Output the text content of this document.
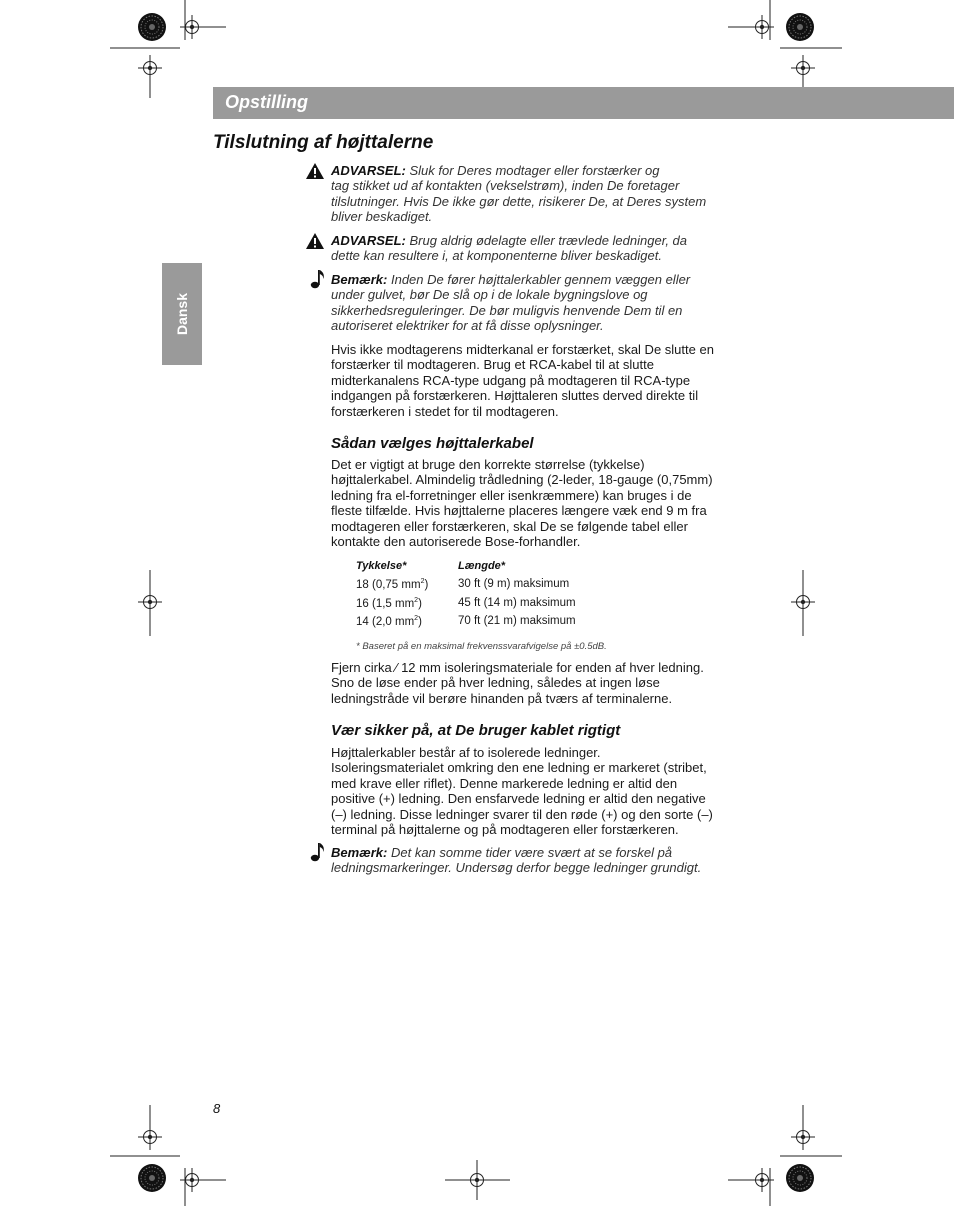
Opstilling
Dansk
Tilslutning af højttalerne
ADVARSEL: Sluk for Deres modtager eller forstærker og
tag stikket ud af kontakten (vekselstrøm), inden De foretager
tilslutninger. Hvis De ikke gør dette, risikerer De, at Deres system
bliver beskadiget.
ADVARSEL: Brug aldrig ødelagte eller trævlede ledninger, da
dette kan resultere i, at komponenterne bliver beskadiget.
Bemærk: Inden De fører højttalerkabler gennem væggen eller
under gulvet, bør De slå op i de lokale bygningslove og
sikkerhedsreguleringer. De bør muligvis henvende Dem til en
autoriseret elektriker for at få disse oplysninger.
Hvis ikke modtagerens midterkanal er forstærket, skal De slutte en
forstærker til modtageren. Brug et RCA-kabel til at slutte
midterkanalens RCA-type udgang på modtageren til RCA-type
indgangen på forstærkeren. Højttaleren sluttes derved direkte til
forstærkeren i stedet for til modtageren.
Sådan vælges højttalerkabel
Det er vigtigt at bruge den korrekte størrelse (tykkelse)
højttalerkabel. Almindelig trådledning (2-leder, 18-gauge (0,75mm)
ledning fra el-forretninger eller isenkræmmere) kan bruges i de
fleste tilfælde. Hvis højttalerne placeres længere væk end 9 m fra
modtageren eller forstærkeren, skal De se følgende tabel eller
kontakte den autoriserede Bose-forhandler.
Tykkelse*	Længde*
18 (0,75 $mm^2$)	30 ft (9 m) maksimum
16 (1,5 $mm^2$)	45 ft (14 m) maksimum
14 (2,0 $mm^2$)	70 ft (21 m) maksimum
* Baseret på en maksimal frekvenssvarafvigelse på ±0.5dB.
Fjern cirka ⁄ 12 mm isoleringsmateriale for enden af hver ledning.
Sno de løse ender på hver ledning, således at ingen løse
ledningstråde vil berøre hinanden på tværs af terminalerne.
Vær sikker på, at De bruger kablet rigtigt
Højttalerkabler består af to isolerede ledninger.
Isoleringsmaterialet omkring den ene ledning er markeret (stribet,
med krave eller riflet). Denne markerede ledning er altid den
positive (+) ledning. Den ensfarvede ledning er altid den negative
(–) ledning. Disse ledninger svarer til den røde (+) og den sorte (–)
terminal på højttalerne og på modtageren eller forstærkeren.
Bemærk: Det kan somme tider være svært at se forskel på
ledningsmarkeringer. Undersøg derfor begge ledninger grundigt.
8
